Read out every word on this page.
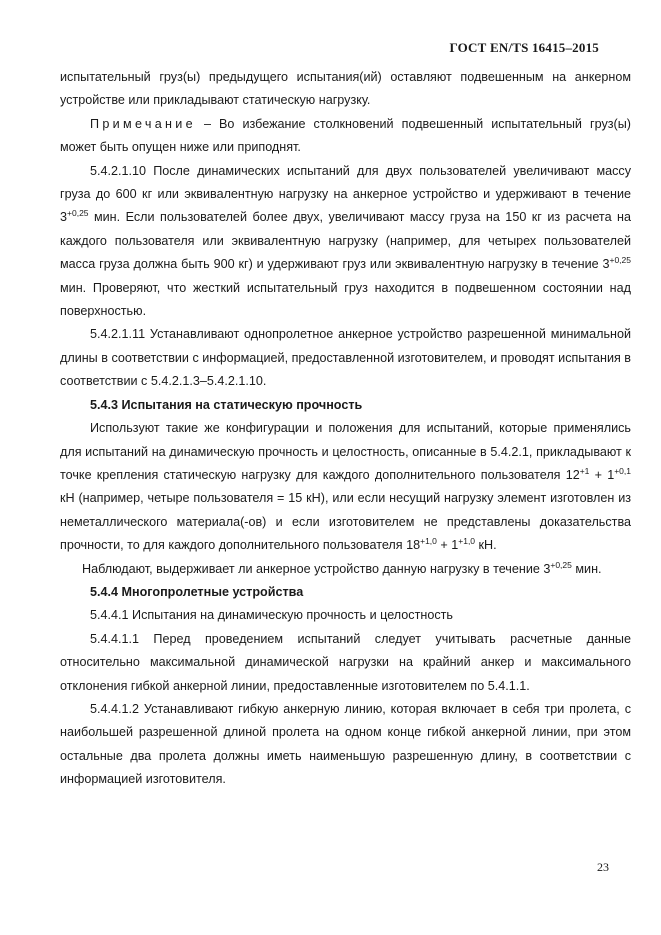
ГОСТ EN/TS 16415–2015

испытательный груз(ы) предыдущего испытания(ий) оставляют подвешенным на анкерном устройстве или прикладывают статическую нагрузку.

Примечание – Во избежание столкновений подвешенный испытательный груз(ы) может быть опущен ниже или приподнят.

5.4.2.1.10 После динамических испытаний для двух пользователей увеличивают массу груза до 600 кг или эквивалентную нагрузку на анкерное устройство и удерживают в течение $3^{+0,25}$ мин. Если пользователей более двух, увеличивают массу груза на 150 кг из расчета на каждого пользователя или эквивалентную нагрузку (например, для четырех пользователей масса груза должна быть 900 кг) и удерживают груз или эквивалентную нагрузку в течение $3^{+0,25}$ мин. Проверяют, что жесткий испытательный груз находится в подвешенном состоянии над поверхностью.

5.4.2.1.11 Устанавливают однопролетное анкерное устройство разрешенной минимальной длины в соответствии с информацией, предоставленной изготовителем, и проводят испытания в соответствии с 5.4.2.1.3–5.4.2.1.10.

5.4.3 Испытания на статическую прочность

Используют такие же конфигурации и положения для испытаний, которые применялись для испытаний на динамическую прочность и целостность, описанные в 5.4.2.1, прикладывают к точке крепления статическую нагрузку для каждого дополнительного пользователя $12^{+1} + 1^{+0,1}$ кН (например, четыре пользователя = 15 кН), или если несущий нагрузку элемент изготовлен из неметаллического материала(-ов) и если изготовителем не представлены доказательства прочности, то для каждого дополнительного пользователя $18^{+1,0} + 1^{+1,0}$ кН.

Наблюдают, выдерживает ли анкерное устройство данную нагрузку в течение $3^{+0,25}$ мин.

5.4.4 Многопролетные устройства

5.4.4.1 Испытания на динамическую прочность и целостность

5.4.4.1.1 Перед проведением испытаний следует учитывать расчетные данные относительно максимальной динамической нагрузки на крайний анкер и максимального отклонения гибкой анкерной линии, предоставленные изготовителем по 5.4.1.1.

5.4.4.1.2 Устанавливают гибкую анкерную линию, которая включает в себя три пролета, с наибольшей разрешенной длиной пролета на одном конце гибкой анкерной линии, при этом остальные два пролета должны иметь наименьшую разрешенную длину, в соответствии с информацией изготовителя.

23
